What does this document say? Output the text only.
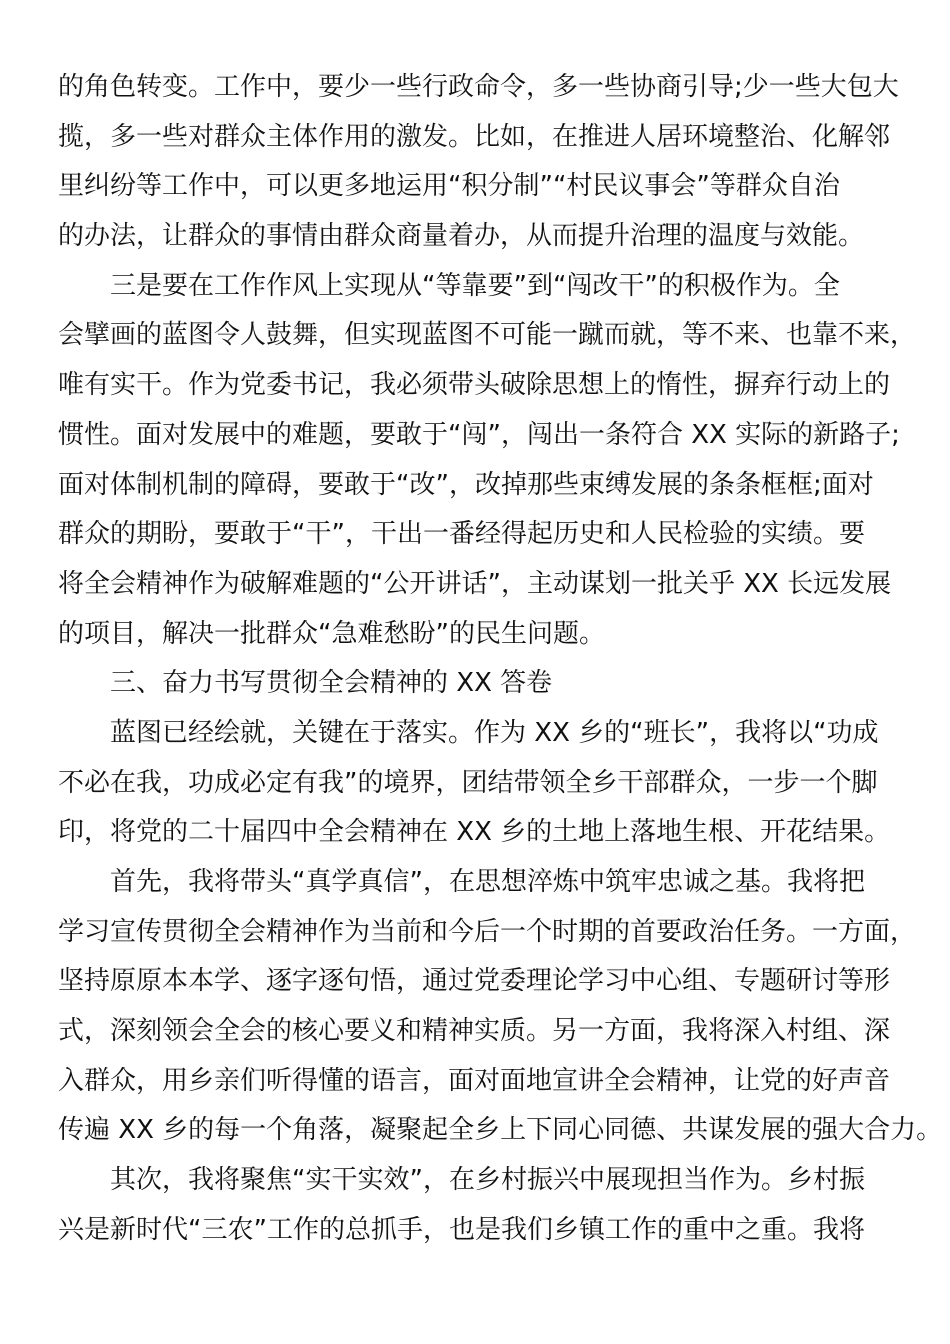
的角色转变。工作中，要少一些行政命令，多一些协商引导;少一些大包大
揽，多一些对群众主体作用的激发。比如，在推进人居环境整治、化解邻
里纠纷等工作中，可以更多地运用“积分制”“村民议事会”等群众自治
的办法，让群众的事情由群众商量着办，从而提升治理的温度与效能。
　　三是要在工作作风上实现从“等靠要”到“闯改干”的积极作为。全
会擘画的蓝图令人鼓舞，但实现蓝图不可能一蹴而就，等不来、也靠不来，
唯有实干。作为党委书记，我必须带头破除思想上的惰性，摒弃行动上的
惯性。面对发展中的难题，要敢于“闯”，闯出一条符合 XX 实际的新路子;
面对体制机制的障碍，要敢于“改”，改掉那些束缚发展的条条框框;面对
群众的期盼，要敢于“干”，干出一番经得起历史和人民检验的实绩。要
将全会精神作为破解难题的“公开讲话”，主动谋划一批关乎 XX 长远发展
的项目，解决一批群众“急难愁盼”的民生问题。
　　三、奋力书写贯彻全会精神的 XX 答卷
　　蓝图已经绘就，关键在于落实。作为 XX 乡的“班长”，我将以“功成
不必在我，功成必定有我”的境界，团结带领全乡干部群众，一步一个脚
印，将党的二十届四中全会精神在 XX 乡的土地上落地生根、开花结果。
　　首先，我将带头“真学真信”，在思想淬炼中筑牢忠诚之基。我将把
学习宣传贯彻全会精神作为当前和今后一个时期的首要政治任务。一方面，
坚持原原本本学、逐字逐句悟，通过党委理论学习中心组、专题研讨等形
式，深刻领会全会的核心要义和精神实质。另一方面，我将深入村组、深
入群众，用乡亲们听得懂的语言，面对面地宣讲全会精神，让党的好声音
传遍 XX 乡的每一个角落，凝聚起全乡上下同心同德、共谋发展的强大合力。
　　其次，我将聚焦“实干实效”，在乡村振兴中展现担当作为。乡村振
兴是新时代“三农”工作的总抓手，也是我们乡镇工作的重中之重。我将
